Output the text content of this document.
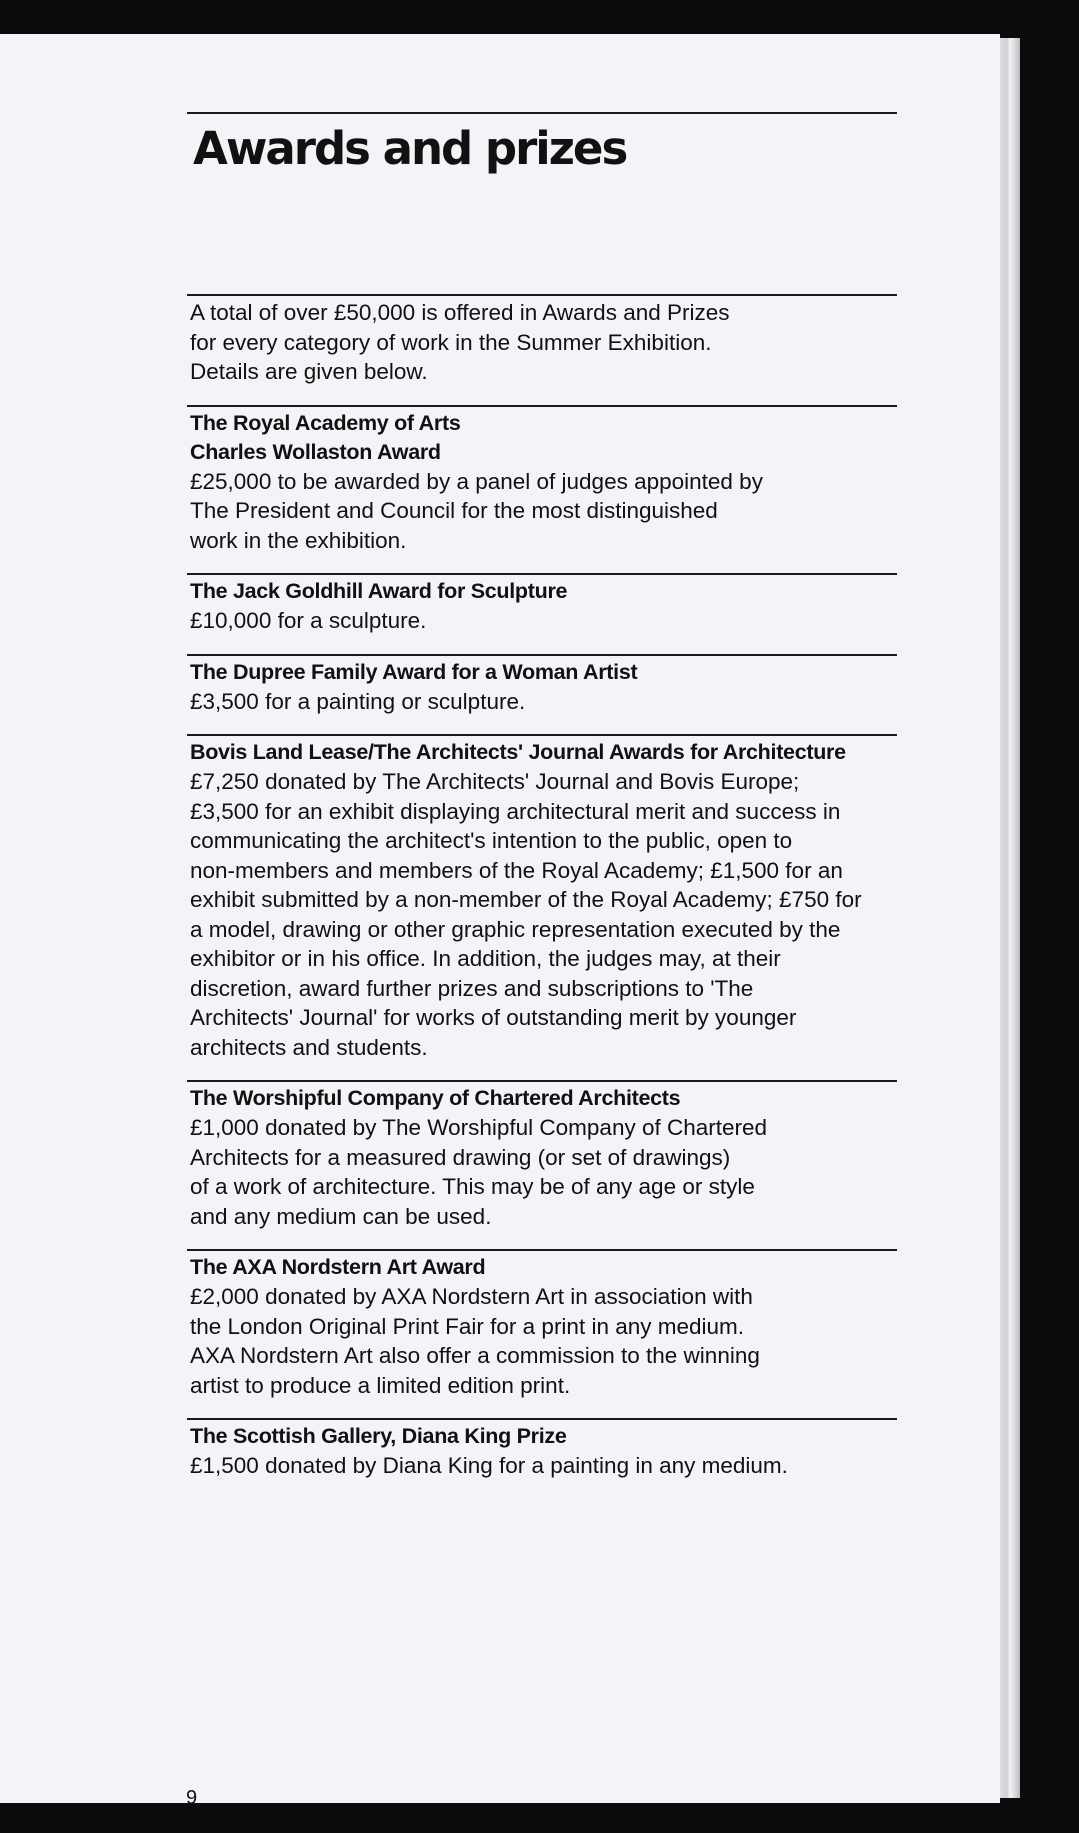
Awards and prizes
A total of over £50,000 is offered in Awards and Prizes
for every category of work in the Summer Exhibition.
Details are given below.
The Royal Academy of Arts
Charles Wollaston Award
£25,000 to be awarded by a panel of judges appointed by
The President and Council for the most distinguished
work in the exhibition.
The Jack Goldhill Award for Sculpture
£10,000 for a sculpture.
The Dupree Family Award for a Woman Artist
£3,500 for a painting or sculpture.
Bovis Land Lease/The Architects' Journal Awards for Architecture
£7,250 donated by The Architects' Journal and Bovis Europe;
£3,500 for an exhibit displaying architectural merit and success in
communicating the architect's intention to the public, open to
non-members and members of the Royal Academy; £1,500 for an
exhibit submitted by a non-member of the Royal Academy; £750 for
a model, drawing or other graphic representation executed by the
exhibitor or in his office. In addition, the judges may, at their
discretion, award further prizes and subscriptions to 'The
Architects' Journal' for works of outstanding merit by younger
architects and students.
The Worshipful Company of Chartered Architects
£1,000 donated by The Worshipful Company of Chartered
Architects for a measured drawing (or set of drawings)
of a work of architecture. This may be of any age or style
and any medium can be used.
The AXA Nordstern Art Award
£2,000 donated by AXA Nordstern Art in association with
the London Original Print Fair for a print in any medium.
AXA Nordstern Art also offer a commission to the winning
artist to produce a limited edition print.
The Scottish Gallery, Diana King Prize
£1,500 donated by Diana King for a painting in any medium.
9
